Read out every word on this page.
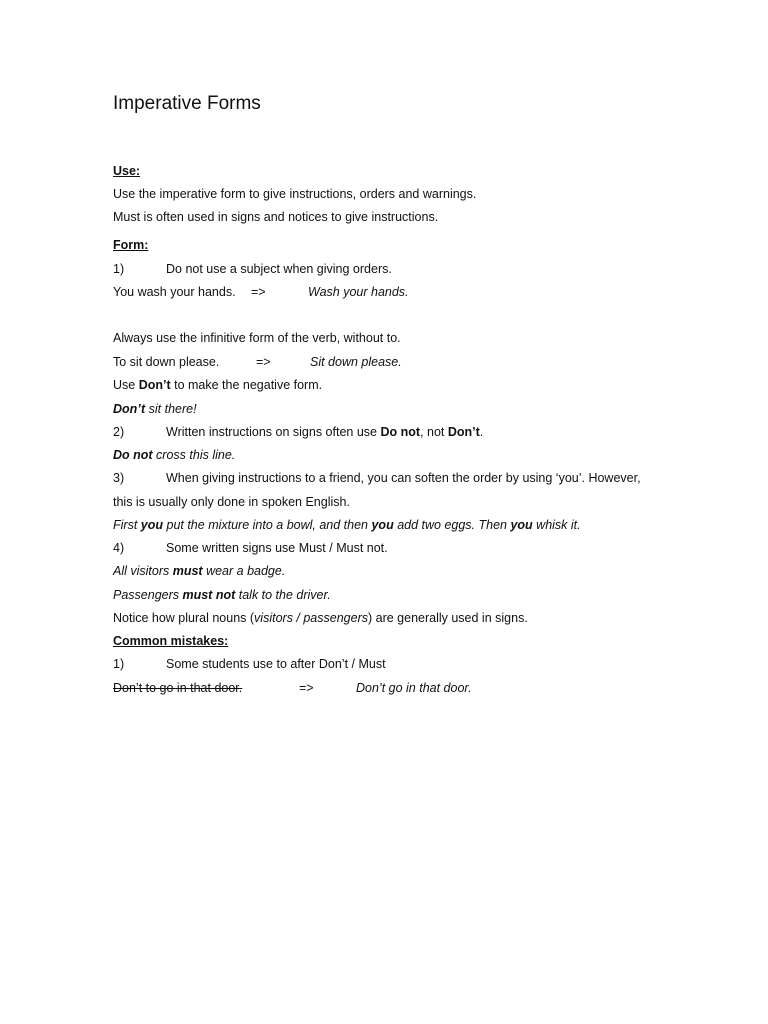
Imperative Forms
Use:
Use the imperative form to give instructions, orders and warnings.
Must is often used in signs and notices to give instructions.
Form:
1)	Do not use a subject when giving orders.
You wash your hands. =>	Wash your hands.
Always use the infinitive form of the verb, without to.
To sit down please.	=>	Sit down please.
Use Don’t to make the negative form.
Don’t sit there!
2)	Written instructions on signs often use Do not, not Don’t.
Do not cross this line.
3)	When giving instructions to a friend, you can soften the order by using ‘you’. However,
this is usually only done in spoken English.
First you put the mixture into a bowl, and then you add two eggs. Then you whisk it.
4)	Some written signs use Must / Must not.
All visitors must wear a badge.
Passengers must not talk to the driver.
Notice how plural nouns (visitors / passengers) are generally used in signs.
Common mistakes:
1)	Some students use to after Don’t / Must
Don’t to go in that door.	=>	Don’t go in that door.
